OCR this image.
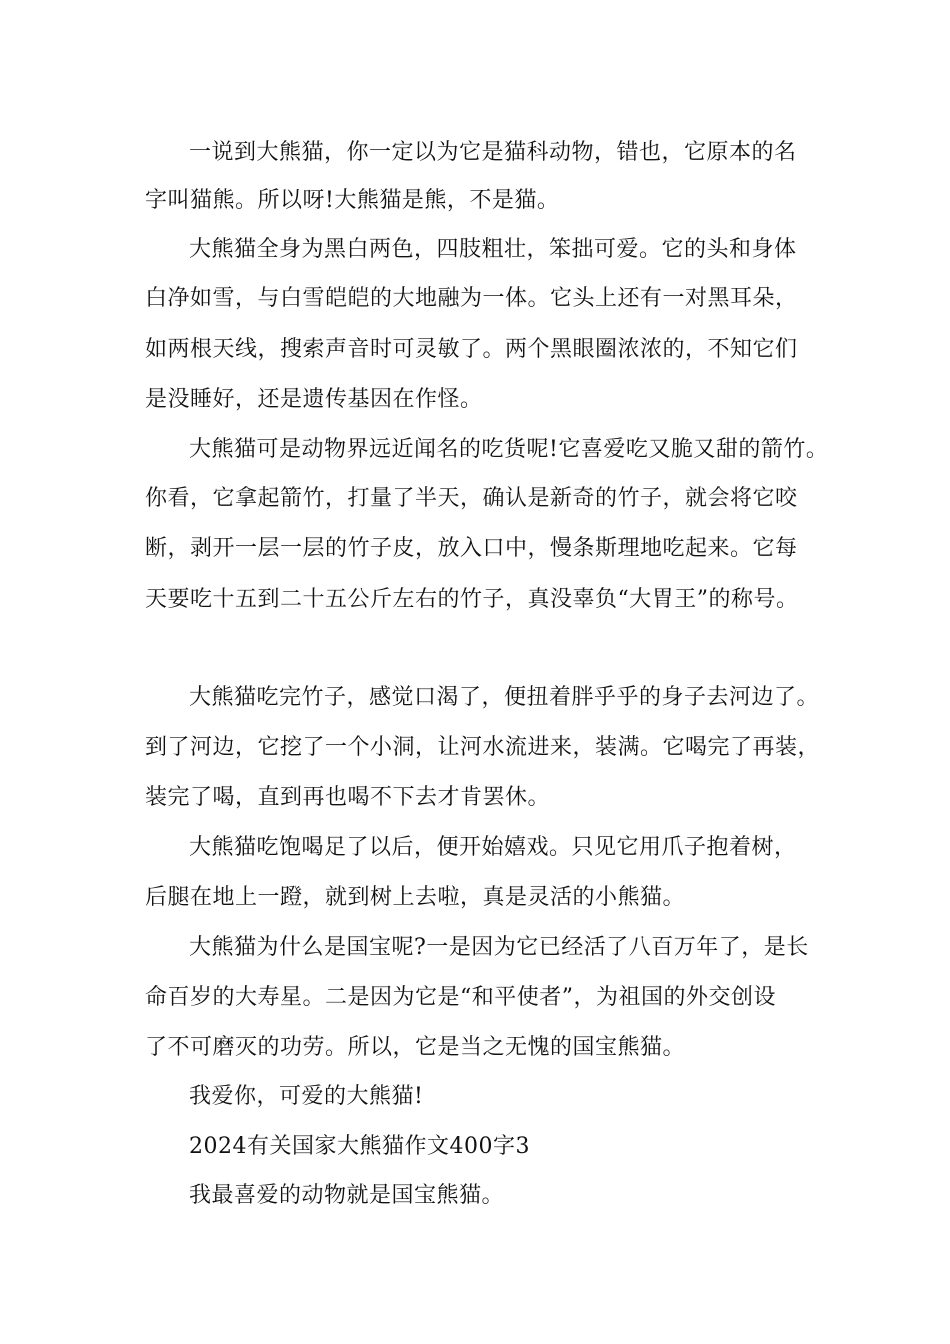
一说到大熊猫，你一定以为它是猫科动物，错也，它原本的名
字叫猫熊。所以呀!大熊猫是熊，不是猫。
大熊猫全身为黑白两色，四肢粗壮，笨拙可爱。它的头和身体
白净如雪，与白雪皑皑的大地融为一体。它头上还有一对黑耳朵，
如两根天线，搜索声音时可灵敏了。两个黑眼圈浓浓的，不知它们
是没睡好，还是遗传基因在作怪。
大熊猫可是动物界远近闻名的吃货呢!它喜爱吃又脆又甜的箭竹。
你看，它拿起箭竹，打量了半天，确认是新奇的竹子，就会将它咬
断，剥开一层一层的竹子皮，放入口中，慢条斯理地吃起来。它每
天要吃十五到二十五公斤左右的竹子，真没辜负“大胃王”的称号。
大熊猫吃完竹子，感觉口渴了，便扭着胖乎乎的身子去河边了。
到了河边，它挖了一个小洞，让河水流进来，装满。它喝完了再装，
装完了喝，直到再也喝不下去才肯罢休。
大熊猫吃饱喝足了以后，便开始嬉戏。只见它用爪子抱着树，
后腿在地上一蹬，就到树上去啦，真是灵活的小熊猫。
大熊猫为什么是国宝呢?一是因为它已经活了八百万年了，是长
命百岁的大寿星。二是因为它是“和平使者”，为祖国的外交创设
了不可磨灭的功劳。所以，它是当之无愧的国宝熊猫。
我爱你，可爱的大熊猫!
2024有关国家大熊猫作文400字3
我最喜爱的动物就是国宝熊猫。
